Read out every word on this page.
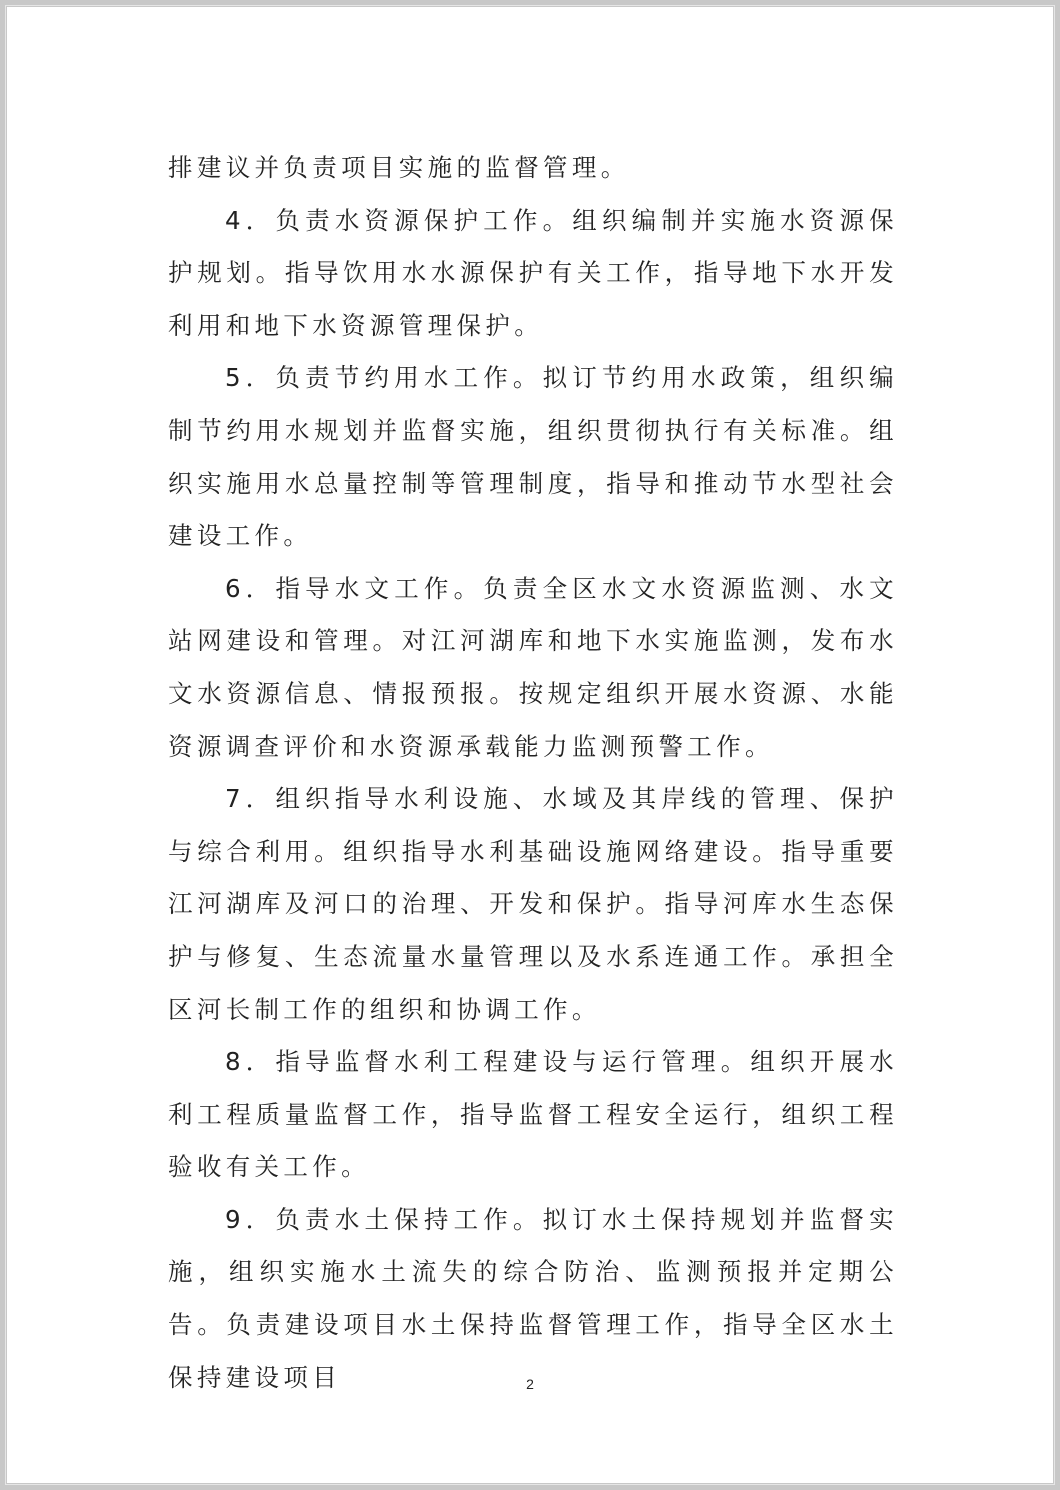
排建议并负责项目实施的监督管理。

4．负责水资源保护工作。组织编制并实施水资源保护规划。指导饮用水水源保护有关工作，指导地下水开发利用和地下水资源管理保护。

5．负责节约用水工作。拟订节约用水政策，组织编制节约用水规划并监督实施，组织贯彻执行有关标准。组织实施用水总量控制等管理制度，指导和推动节水型社会建设工作。

6．指导水文工作。负责全区水文水资源监测、水文站网建设和管理。对江河湖库和地下水实施监测，发布水文水资源信息、情报预报。按规定组织开展水资源、水能资源调查评价和水资源承载能力监测预警工作。

7．组织指导水利设施、水域及其岸线的管理、保护与综合利用。组织指导水利基础设施网络建设。指导重要江河湖库及河口的治理、开发和保护。指导河库水生态保护与修复、生态流量水量管理以及水系连通工作。承担全区河长制工作的组织和协调工作。

8．指导监督水利工程建设与运行管理。组织开展水利工程质量监督工作，指导监督工程安全运行，组织工程验收有关工作。

9．负责水土保持工作。拟订水土保持规划并监督实施，组织实施水土流失的综合防治、监测预报并定期公告。负责建设项目水土保持监督管理工作，指导全区水土保持建设项目	2
